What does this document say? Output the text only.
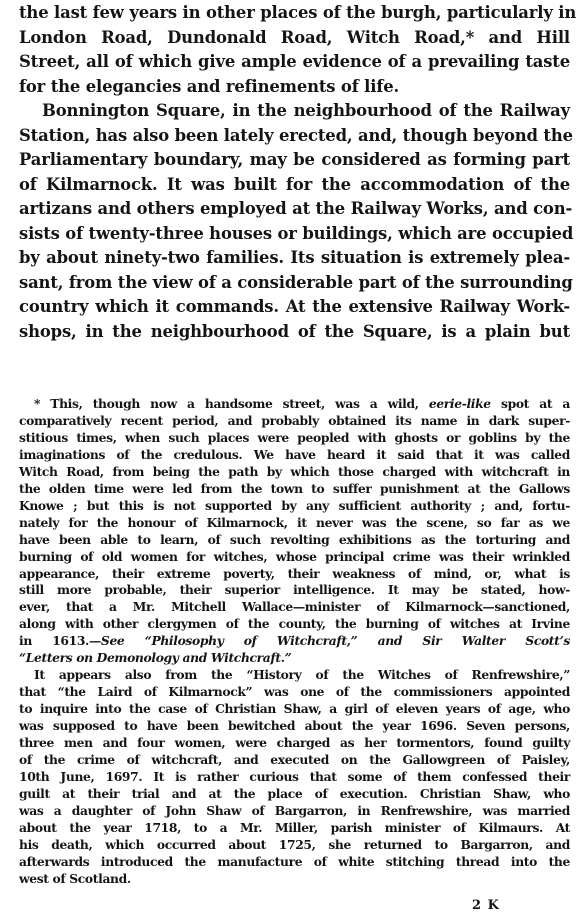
the last few years in other places of the burgh, particularly in
London Road, Dundonald Road, Witch Road,* and Hill
Street, all of which give ample evidence of a prevailing taste
for the elegancies and refinements of life.

Bonnington Square, in the neighbourhood of the Railway
Station, has also been lately erected, and, though beyond the
Parliamentary boundary, may be considered as forming part
of Kilmarnock. It was built for the accommodation of the
artizans and others employed at the Railway Works, and con-
sists of twenty-three houses or buildings, which are occupied
by about ninety-two families. Its situation is extremely plea-
sant, from the view of a considerable part of the surrounding
country which it commands. At the extensive Railway Work-
shops, in the neighbourhood of the Square, is a plain but

* This, though now a handsome street, was a wild, eerie-like spot at a
comparatively recent period, and probably obtained its name in dark super-
stitious times, when such places were peopled with ghosts or goblins by the
imaginations of the credulous. We have heard it said that it was called
Witch Road, from being the path by which those charged with witchcraft in
the olden time were led from the town to suffer punishment at the Gallows
Knowe ; but this is not supported by any sufficient authority ; and, fortu-
nately for the honour of Kilmarnock, it never was the scene, so far as we
have been able to learn, of such revolting exhibitions as the torturing and
burning of old women for witches, whose principal crime was their wrinkled
appearance, their extreme poverty, their weakness of mind, or, what is
still more probable, their superior intelligence. It may be stated, how-
ever, that a Mr. Mitchell Wallace—minister of Kilmarnock—sanctioned,
along with other clergymen of the county, the burning of witches at Irvine
in 1613.—See “Philosophy of Witchcraft,” and Sir Walter Scott’s
“Letters on Demonology and Witchcraft.”
It appears also from the “History of the Witches of Renfrewshire,”
that “the Laird of Kilmarnock” was one of the commissioners appointed
to inquire into the case of Christian Shaw, a girl of eleven years of age, who
was supposed to have been bewitched about the year 1696. Seven persons,
three men and four women, were charged as her tormentors, found guilty
of the crime of witchcraft, and executed on the Gallowgreen of Paisley,
10th June, 1697. It is rather curious that some of them confessed their
guilt at their trial and at the place of execution. Christian Shaw, who
was a daughter of John Shaw of Bargarron, in Renfrewshire, was married
about the year 1718, to a Mr. Miller, parish minister of Kilmaurs. At
his death, which occurred about 1725, she returned to Bargarron, and
afterwards introduced the manufacture of white stitching thread into the
west of Scotland.
2 K
